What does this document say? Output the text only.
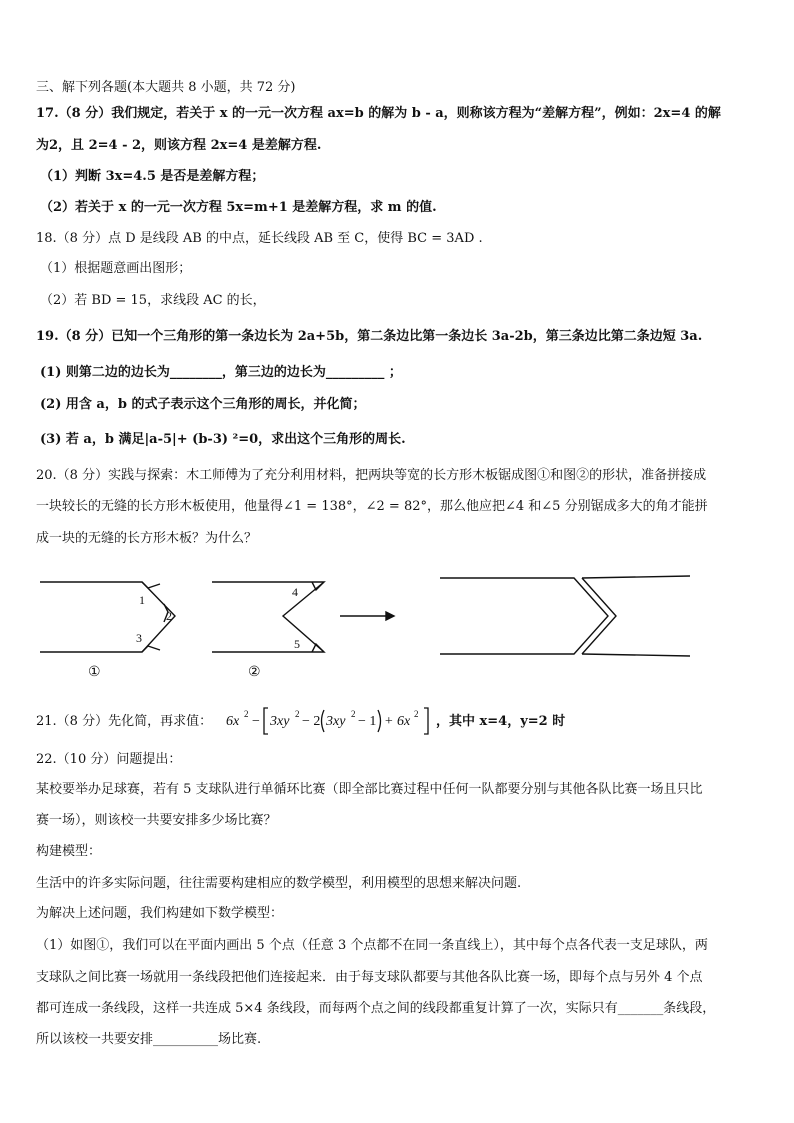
三、解下列各题(本大题共 8 小题，共 72 分)
17.（8 分）我们规定，若关于 x 的一元一次方程 ax=b 的解为 b - a，则称该方程为“差解方程”，例如：2x=4 的解
为2，且 2=4 - 2，则该方程 2x=4 是差解方程.
（1）判断 3x=4.5 是否是差解方程；
（2）若关于 x 的一元一次方程 5x=m+1 是差解方程，求 m 的值.
18.（8 分）点 D 是线段 AB 的中点，延长线段 AB 至 C，使得 BC = 3AD .
（1）根据题意画出图形；
（2）若 BD = 15，求线段 AC 的长，
19.（8 分）已知一个三角形的第一条边长为 2a+5b，第二条边比第一条边长 3a-2b，第三条边比第二条边短 3a.
(1) 则第二边的边长为________，第三边的边长为_________ ；
(2) 用含 a，b 的式子表示这个三角形的周长，并化简；
(3) 若 a，b 满足|a-5|+ (b-3) ²=0，求出这个三角形的周长.
20.（8 分）实践与探索：木工师傅为了充分利用材料，把两块等宽的长方形木板锯成图①和图②的形状，准备拼接成
一块较长的无缝的长方形木板使用，他量得∠1 = 138°，∠2 = 82°，那么他应把∠4 和∠5 分别锯成多大的角才能拼
成一块的无缝的长方形木板？为什么？
1
2
3
①
4
5
②
21.（8 分）先化简，再求值： 6x 2 − 3xy 2 − 2 3xy 2 − 1 + 6x 2 ，其中 x=4，y=2 时
22.（10 分）问题提出：
某校要举办足球赛，若有 5 支球队进行单循环比赛（即全部比赛过程中任何一队都要分别与其他各队比赛一场且只比
赛一场），则该校一共要安排多少场比赛？
构建模型：
生活中的许多实际问题，往往需要构建相应的数学模型，利用模型的思想来解决问题.
为解决上述问题，我们构建如下数学模型：
（1）如图①，我们可以在平面内画出 5 个点（任意 3 个点都不在同一条直线上），其中每个点各代表一支足球队，两
支球队之间比赛一场就用一条线段把他们连接起来．由于每支球队都要与其他各队比赛一场，即每个点与另外 4 个点
都可连成一条线段，这样一共连成 5×4 条线段，而每两个点之间的线段都重复计算了一次，实际只有_______条线段，
所以该校一共要安排__________场比赛.
